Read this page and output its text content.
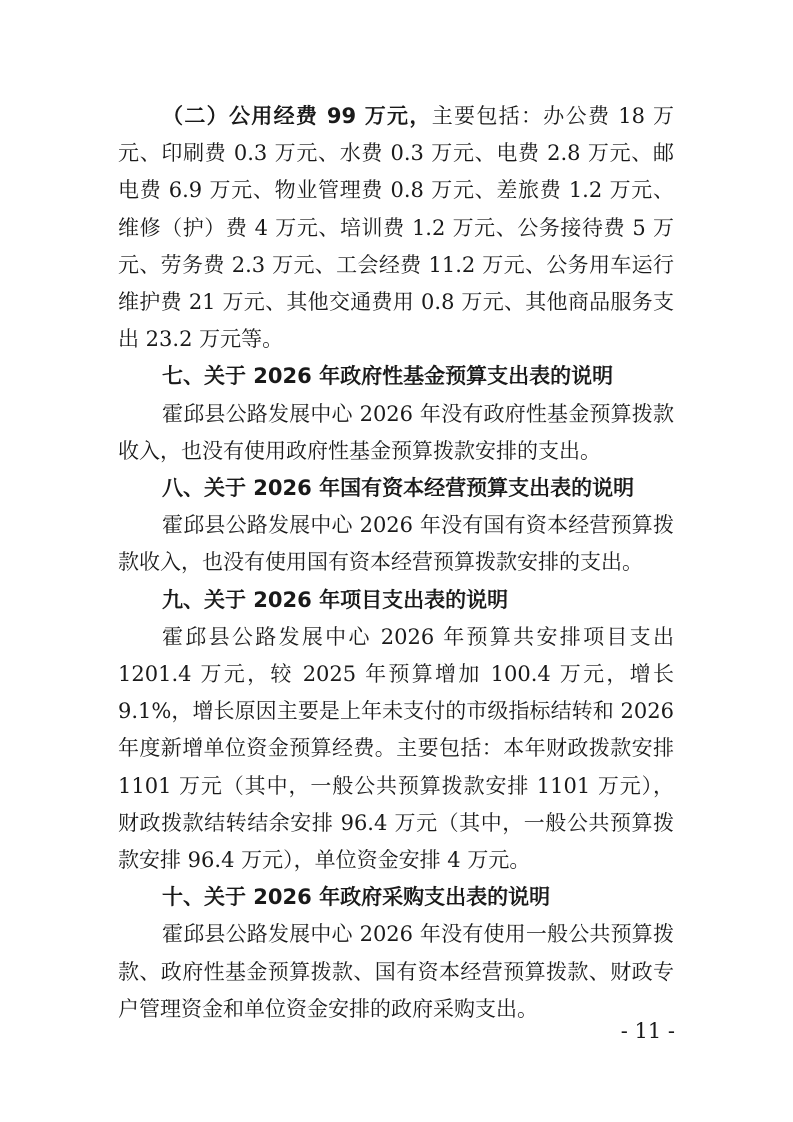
（二）公用经费 99 万元，主要包括：办公费 18 万元、印刷费 0.3 万元、水费 0.3 万元、电费 2.8 万元、邮电费 6.9 万元、物业管理费 0.8 万元、差旅费 1.2 万元、维修（护）费 4 万元、培训费 1.2 万元、公务接待费 5 万元、劳务费 2.3 万元、工会经费 11.2 万元、公务用车运行维护费 21 万元、其他交通费用 0.8 万元、其他商品服务支出 23.2 万元等。

七、关于 2026 年政府性基金预算支出表的说明

霍邱县公路发展中心 2026 年没有政府性基金预算拨款收入，也没有使用政府性基金预算拨款安排的支出。

八、关于 2026 年国有资本经营预算支出表的说明

霍邱县公路发展中心 2026 年没有国有资本经营预算拨款收入，也没有使用国有资本经营预算拨款安排的支出。

九、关于 2026 年项目支出表的说明

霍邱县公路发展中心 2026 年预算共安排项目支出 1201.4 万元，较 2025 年预算增加 100.4 万元，增长 9.1%，增长原因主要是上年未支付的市级指标结转和 2026 年度新增单位资金预算经费。主要包括：本年财政拨款安排 1101 万元（其中，一般公共预算拨款安排 1101 万元），财政拨款结转结余安排 96.4 万元（其中，一般公共预算拨款安排 96.4 万元），单位资金安排 4 万元。

十、关于 2026 年政府采购支出表的说明

霍邱县公路发展中心 2026 年没有使用一般公共预算拨款、政府性基金预算拨款、国有资本经营预算拨款、财政专户管理资金和单位资金安排的政府采购支出。

- 11 -
